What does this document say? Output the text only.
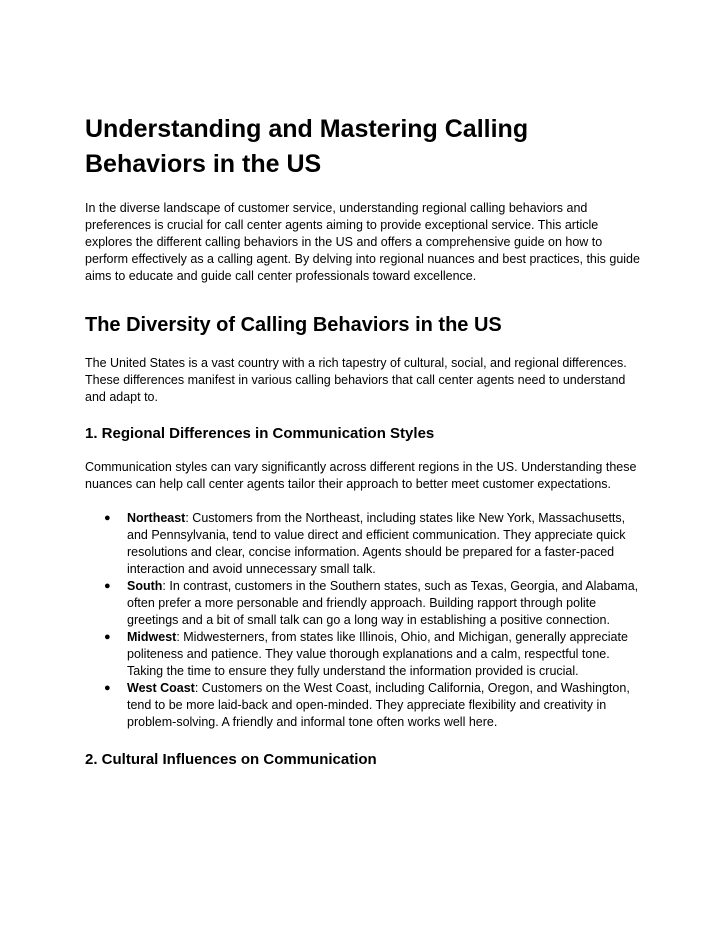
Understanding and Mastering Calling Behaviors in the US

In the diverse landscape of customer service, understanding regional calling behaviors and preferences is crucial for call center agents aiming to provide exceptional service. This article explores the different calling behaviors in the US and offers a comprehensive guide on how to perform effectively as a calling agent. By delving into regional nuances and best practices, this guide aims to educate and guide call center professionals toward excellence.

The Diversity of Calling Behaviors in the US

The United States is a vast country with a rich tapestry of cultural, social, and regional differences. These differences manifest in various calling behaviors that call center agents need to understand and adapt to.

1. Regional Differences in Communication Styles

Communication styles can vary significantly across different regions in the US. Understanding these nuances can help call center agents tailor their approach to better meet customer expectations.

● Northeast: Customers from the Northeast, including states like New York, Massachusetts, and Pennsylvania, tend to value direct and efficient communication. They appreciate quick resolutions and clear, concise information. Agents should be prepared for a faster-paced interaction and avoid unnecessary small talk.
● South: In contrast, customers in the Southern states, such as Texas, Georgia, and Alabama, often prefer a more personable and friendly approach. Building rapport through polite greetings and a bit of small talk can go a long way in establishing a positive connection.
● Midwest: Midwesterners, from states like Illinois, Ohio, and Michigan, generally appreciate politeness and patience. They value thorough explanations and a calm, respectful tone. Taking the time to ensure they fully understand the information provided is crucial.
● West Coast: Customers on the West Coast, including California, Oregon, and Washington, tend to be more laid-back and open-minded. They appreciate flexibility and creativity in problem-solving. A friendly and informal tone often works well here.
2. Cultural Influences on Communication
